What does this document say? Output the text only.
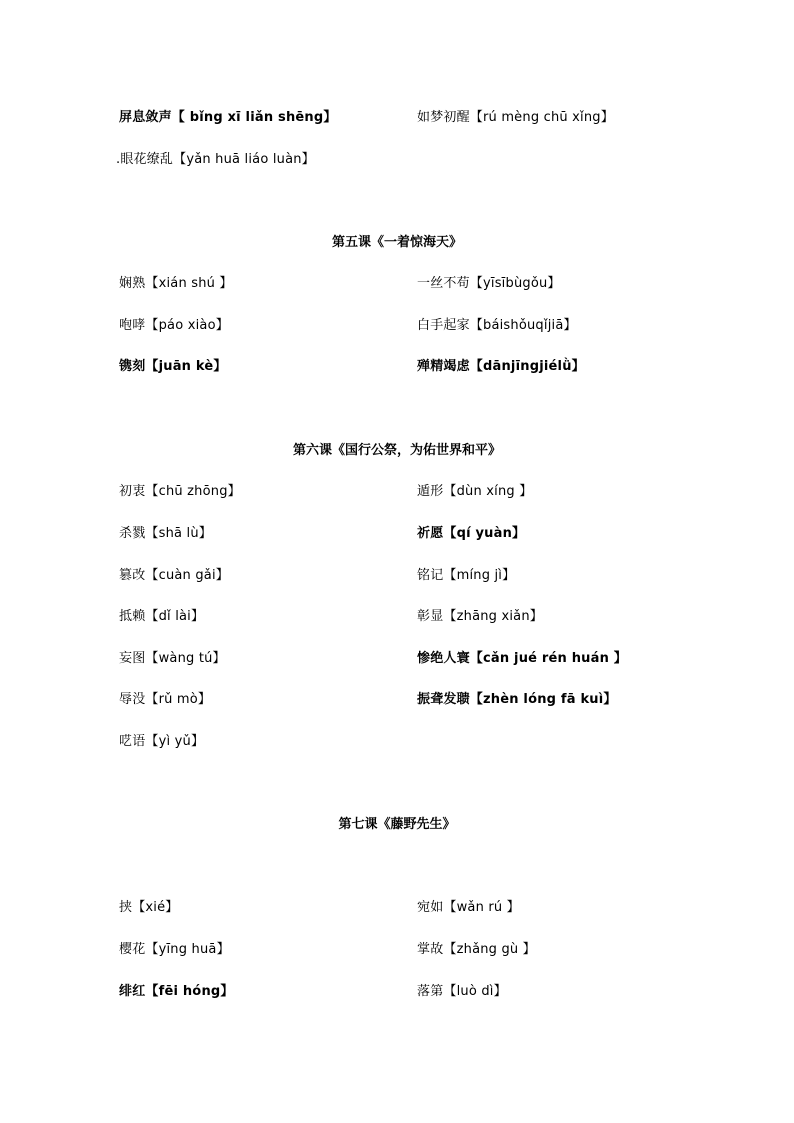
屏息敛声【 bǐng xī liǎn shēng】	如梦初醒【rú mèng chū xǐng】
.眼花缭乱【yǎn huā liáo luàn】
第五课《一着惊海天》
娴熟【xián shú 】	一丝不苟【yīsībùgǒu】
咆哮【páo xiào】	白手起家【báishǒuqǐjiā】
镌刻【juān kè】	殚精竭虑【dānjīngjiélǜ】
第六课《国行公祭，为佑世界和平》
初衷【chū zhōng】	遁形【dùn xíng 】
杀戮【shā lù】	祈愿【qí yuàn】
篡改【cuàn gǎi】	铭记【míng jì】
抵赖【dǐ lài】	彰显【zhāng xiǎn】
妄图【wàng tú】	惨绝人寰【cǎn jué rén huán 】
辱没【rǔ mò】	振聋发聩【zhèn lóng fā kuì】
呓语【yì yǔ】
第七课《藤野先生》
挟【xié】	宛如【wǎn rú 】
樱花【yīng huā】	掌故【zhǎng gù 】
绯红【fēi hóng】	落第【luò dì】
